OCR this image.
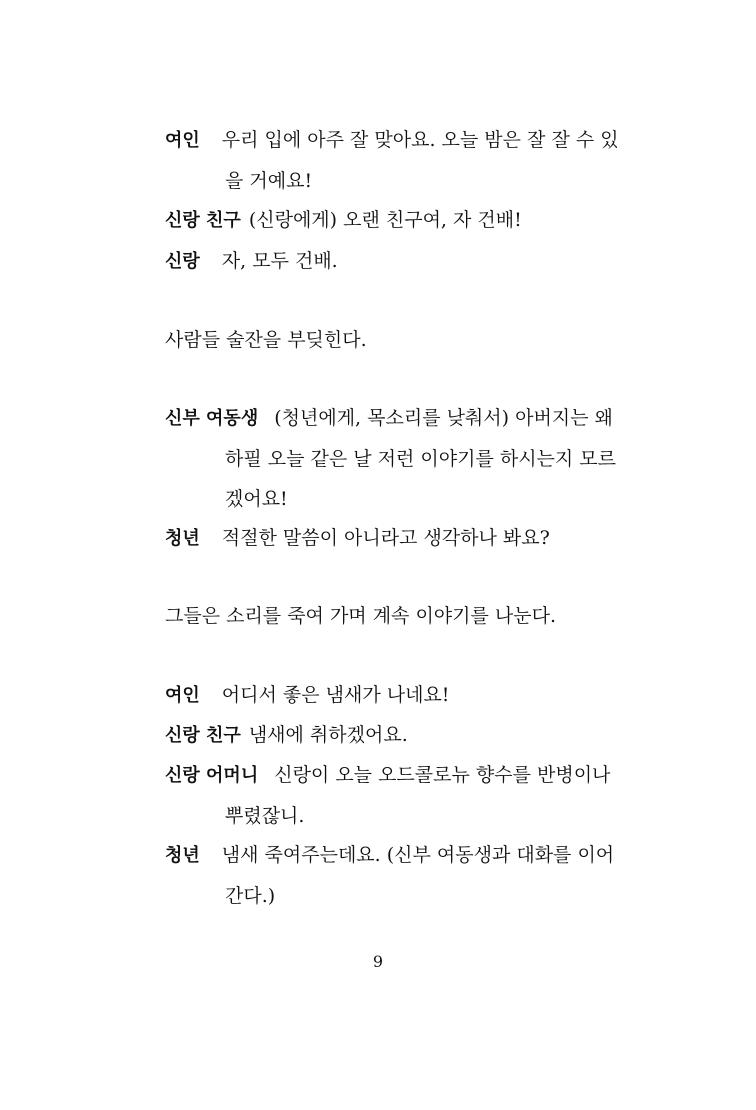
여인 우리 입에 아주 잘 맞아요. 오늘 밤은 잘 잘 수 있
을 거예요!
신랑 친구 (신랑에게) 오랜 친구여, 자 건배!
신랑 자, 모두 건배.
사람들 술잔을 부딪힌다.
신부 여동생 (청년에게, 목소리를 낮춰서) 아버지는 왜
하필 오늘 같은 날 저런 이야기를 하시는지 모르
겠어요!
청년 적절한 말씀이 아니라고 생각하나 봐요?
그들은 소리를 죽여 가며 계속 이야기를 나눈다.
여인 어디서 좋은 냄새가 나네요!
신랑 친구 냄새에 취하겠어요.
신랑 어머니 신랑이 오늘 오드콜로뉴 향수를 반병이나
뿌렸잖니.
청년 냄새 죽여주는데요. (신부 여동생과 대화를 이어
간다.)
9
